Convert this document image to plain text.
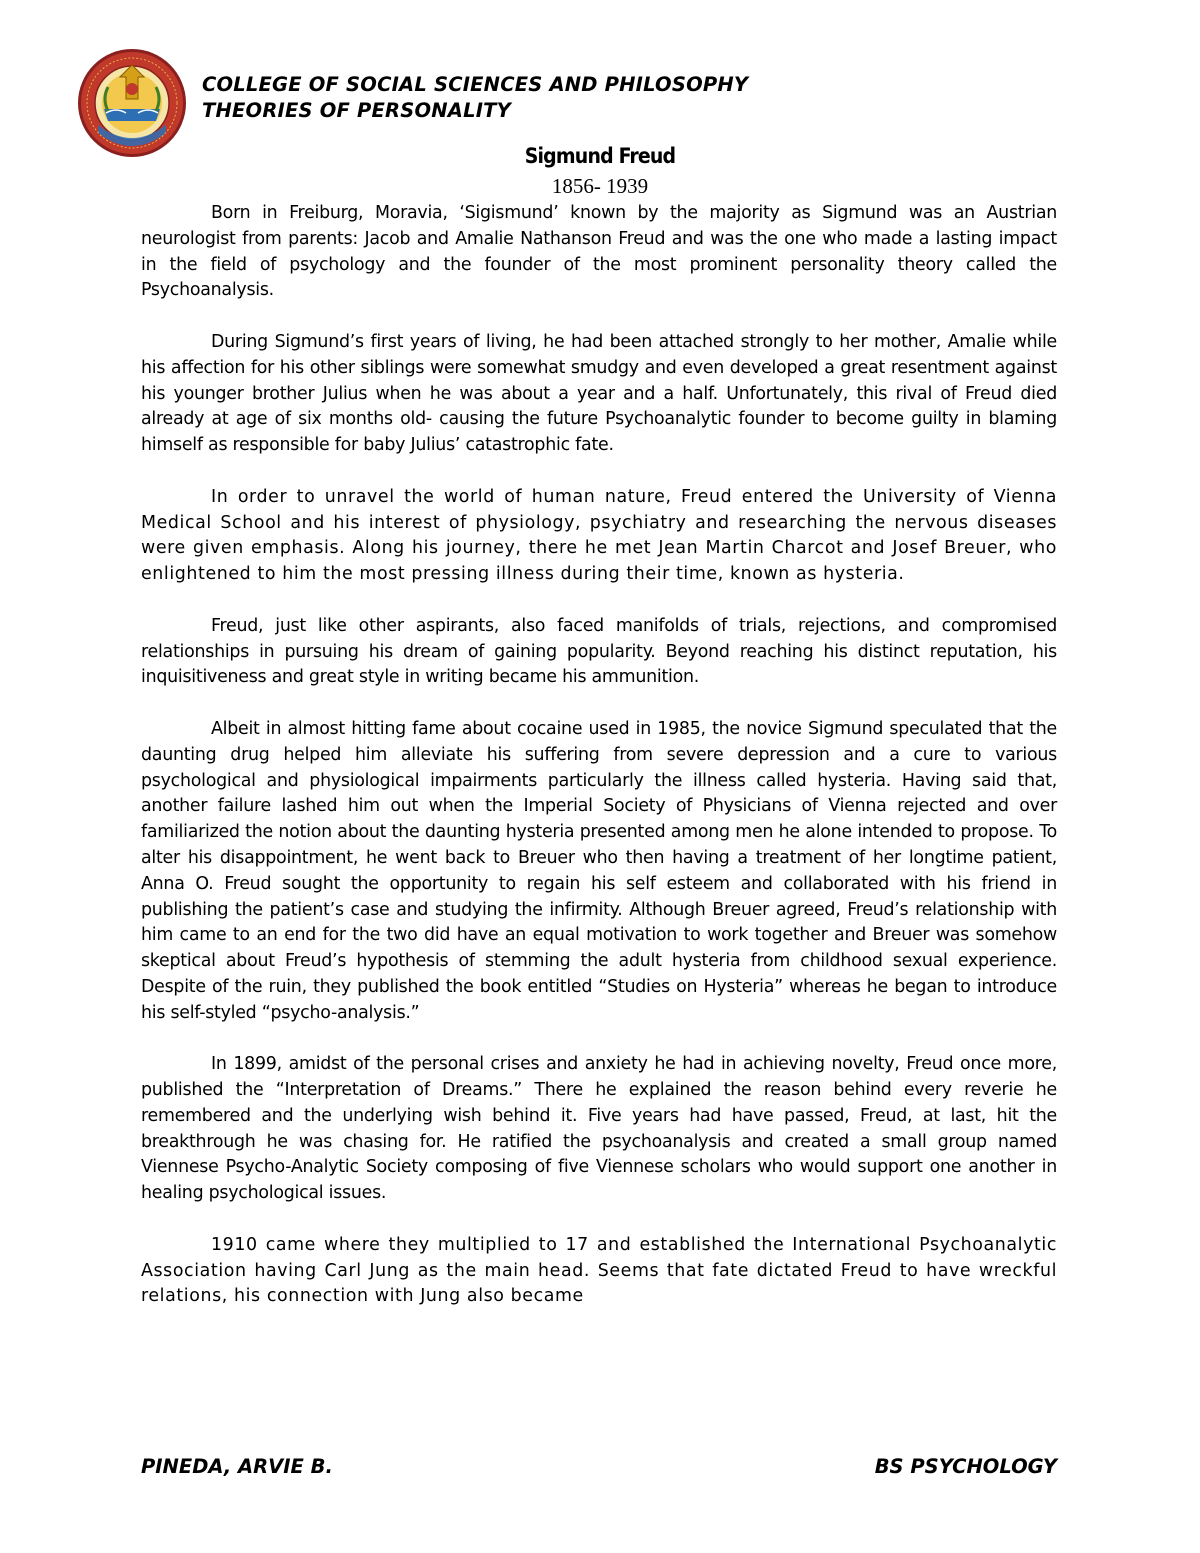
COLLEGE OF SOCIAL SCIENCES AND PHILOSOPHY
THEORIES OF PERSONALITY
Sigmund Freud
1856- 1939

Born in Freiburg, Moravia, ‘Sigismund’ known by the majority as Sigmund was an Austrian neurologist from parents: Jacob and Amalie Nathanson Freud and was the one who made a lasting impact in the field of psychology and the founder of the most prominent personality theory called the Psychoanalysis.

During Sigmund’s first years of living, he had been attached strongly to her mother, Amalie while his affection for his other siblings were somewhat smudgy and even developed a great resentment against his younger brother Julius when he was about a year and a half. Unfortunately, this rival of Freud died already at age of six months old- causing the future Psychoanalytic founder to become guilty in blaming himself as responsible for baby Julius’ catastrophic fate.

In order to unravel the world of human nature, Freud entered the University of Vienna Medical School and his interest of physiology, psychiatry and researching the nervous diseases were given emphasis. Along his journey, there he met Jean Martin Charcot and Josef Breuer, who enlightened to him the most pressing illness during their time, known as hysteria.

Freud, just like other aspirants, also faced manifolds of trials, rejections, and compromised relationships in pursuing his dream of gaining popularity. Beyond reaching his distinct reputation, his inquisitiveness and great style in writing became his ammunition.

Albeit in almost hitting fame about cocaine used in 1985, the novice Sigmund speculated that the daunting drug helped him alleviate his suffering from severe depression and a cure to various psychological and physiological impairments particularly the illness called hysteria. Having said that, another failure lashed him out when the Imperial Society of Physicians of Vienna rejected and over familiarized the notion about the daunting hysteria presented among men he alone intended to propose. To alter his disappointment, he went back to Breuer who then having a treatment of her longtime patient, Anna O. Freud sought the opportunity to regain his self esteem and collaborated with his friend in publishing the patient’s case and studying the infirmity. Although Breuer agreed, Freud’s relationship with him came to an end for the two did have an equal motivation to work together and Breuer was somehow skeptical about Freud’s hypothesis of stemming the adult hysteria from childhood sexual experience. Despite of the ruin, they published the book entitled “Studies on Hysteria” whereas he began to introduce his self-styled “psycho-analysis.”

In 1899, amidst of the personal crises and anxiety he had in achieving novelty, Freud once more, published the “Interpretation of Dreams.” There he explained the reason behind every reverie he remembered and the underlying wish behind it. Five years had have passed, Freud, at last, hit the breakthrough he was chasing for. He ratified the psychoanalysis and created a small group named Viennese Psycho-Analytic Society composing of five Viennese scholars who would support one another in healing psychological issues.

1910 came where they multiplied to 17 and established the International Psychoanalytic Association having Carl Jung as the main head. Seems that fate dictated Freud to have wreckful relations, his connection with Jung also became

PINEDA, ARVIE B.	BS PSYCHOLOGY
